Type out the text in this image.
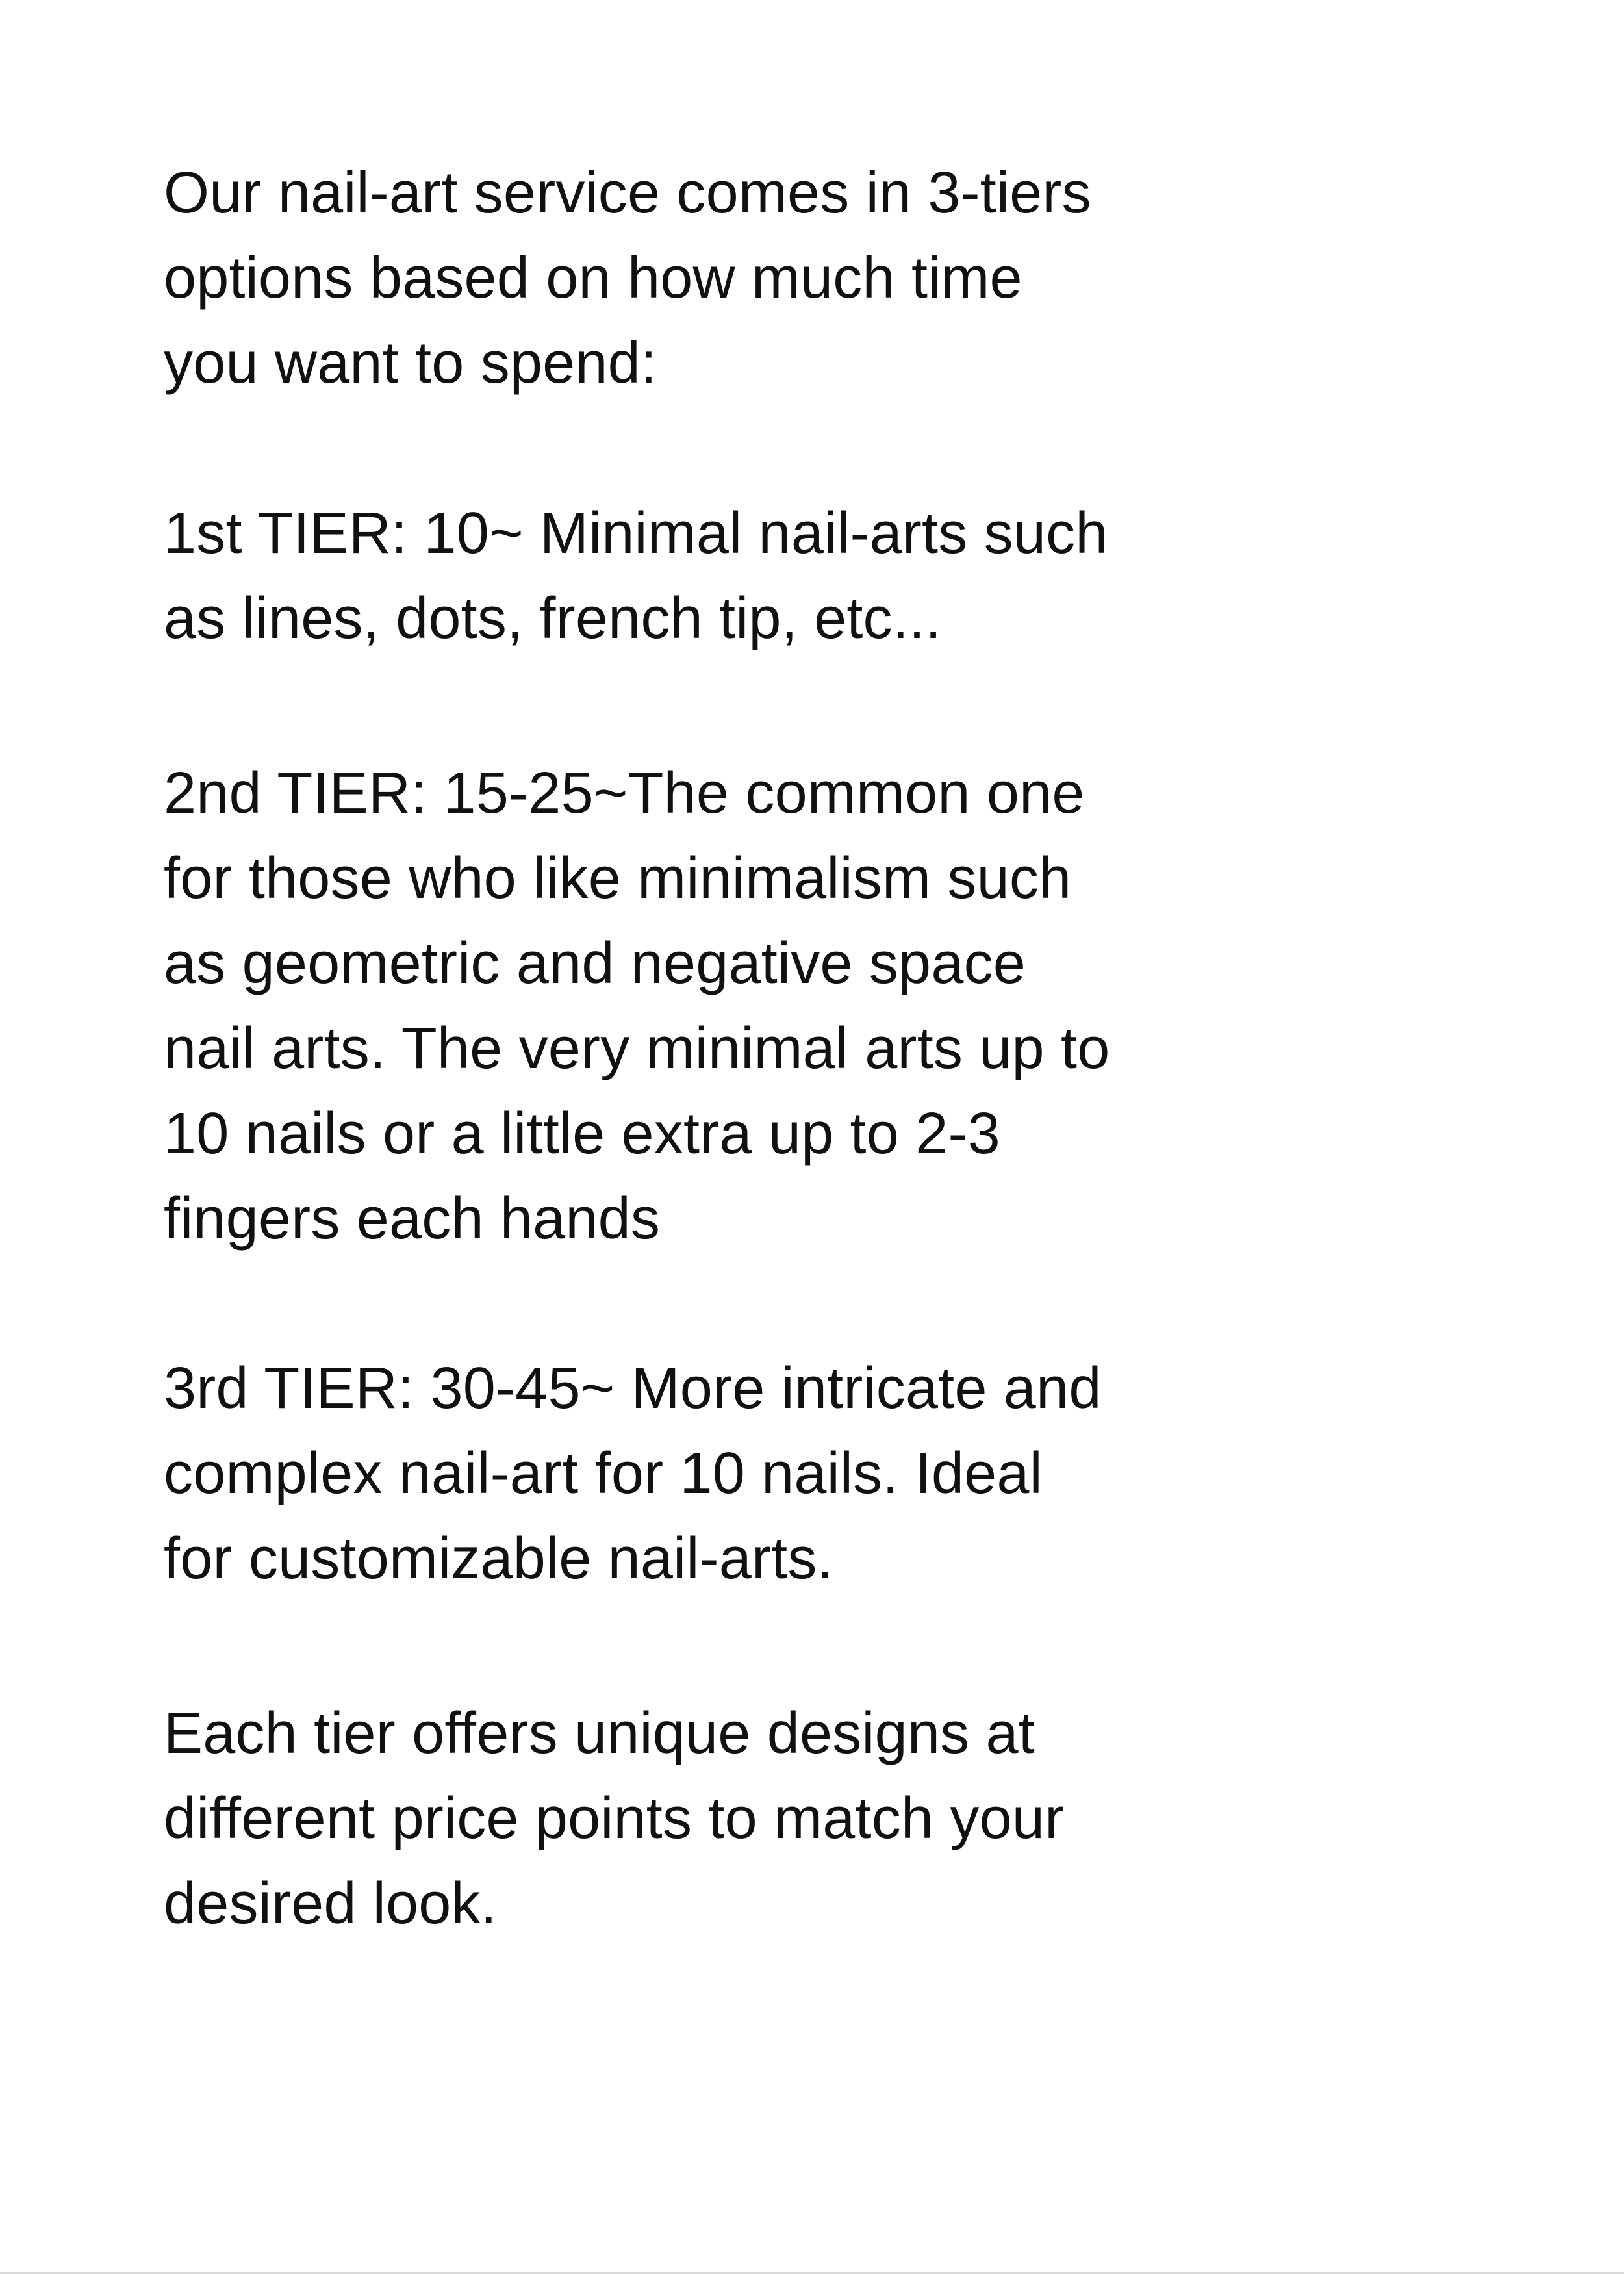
Our nail-art service comes in 3-tiers
options based on how much time
you want to spend:

1st TIER: 10~ Minimal nail-arts such
as lines, dots, french tip, etc...

2nd TIER: 15-25~The common one
for those who like minimalism such
as geometric and negative space
nail arts. The very minimal arts up to
10 nails or a little extra up to 2-3
fingers each hands

3rd TIER: 30-45~ More intricate and
complex nail-art for 10 nails. Ideal
for customizable nail-arts.

Each tier offers unique designs at
different price points to match your
desired look.
